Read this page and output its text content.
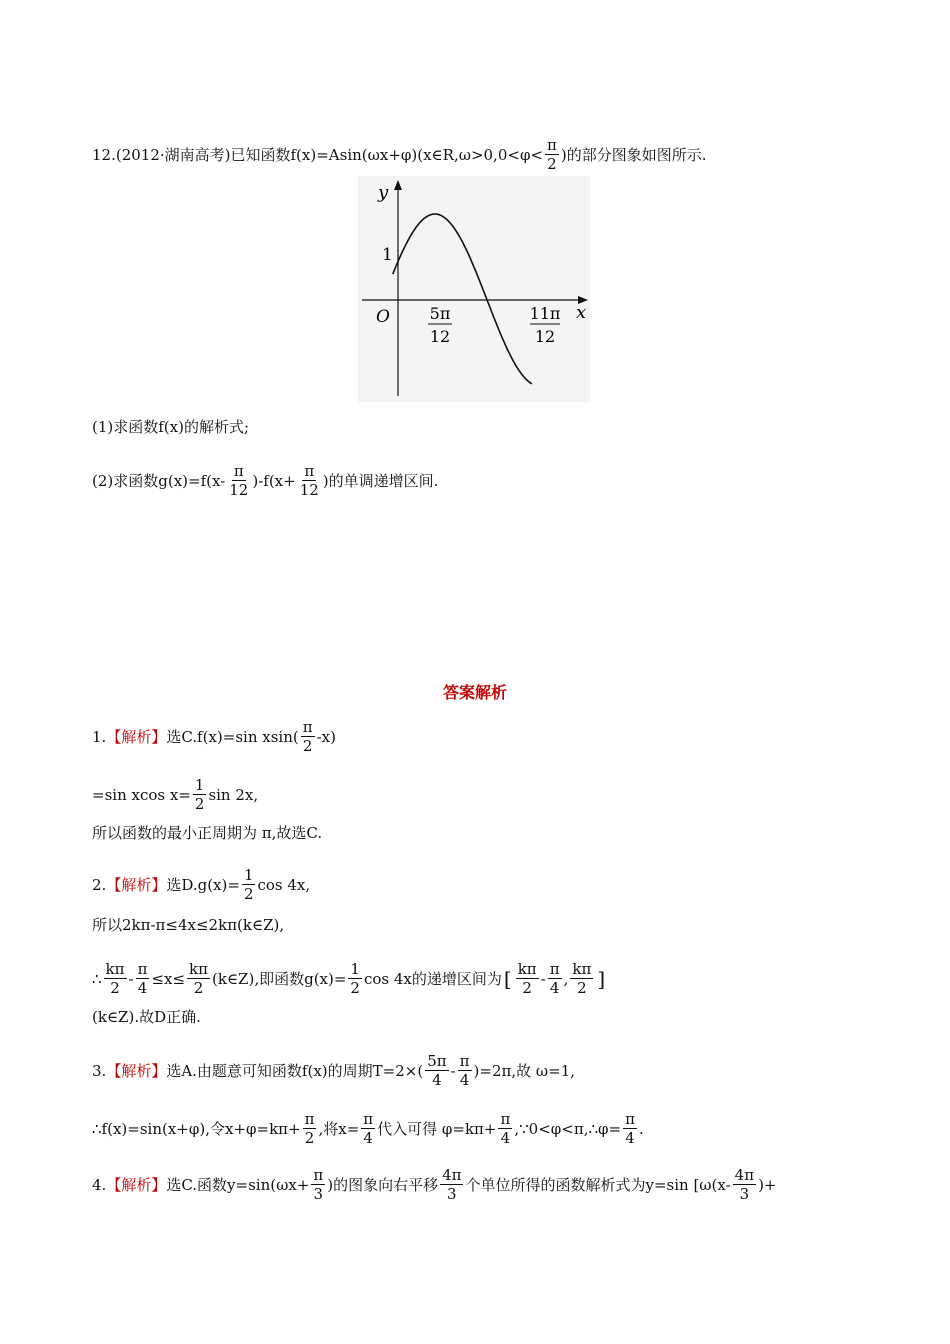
12.(2012·湖南高考)已知函数f(x)=Asin(ωx+φ)(x∈R,ω>0,0<φ< $\frac{\pi}{2}$ )的部分图象如图所示.
y
x
O
1
5π
12
11π
12
(1)求函数f(x)的解析式;
(2)求函数$g(x)=f(x- \frac{\pi}{12} )-f(x+ \frac{\pi}{12}$ )的单调递增区间.
答案解析
1. 【解析】 选C.f(x)=sin $xsin( \frac{\pi}{2} -x)$
=sin xcos $x= \frac{1}{2}$ sin 2x,
所以函数的最小正周期为 π,故选C.
2. 【解析】 选$D.g(x)= \frac{1}{2}$ cos 4x,
所以2kπ-π≤4x≤2kπ(k∈Z),
∴ $\frac{k\pi}{2} - \frac{\pi}{4} \le x\le \frac{k\pi}{2}$ (k∈Z),即函数$g(x)= \frac{1}{2}$ cos 4x的递增区间为 [ $\frac{k\pi}{2} - \frac{\pi}{4}$ , $\frac{k\pi}{2}$ ]
(k∈Z).故D正确.
3. 【解析】 选A.由题意可知函数f(x)的周期$T=2\times( \frac{5\pi}{4} - \frac{\pi}{4} )=2\pi$,故 ω=1,
∴f(x)=sin(x+φ),令$x+\varphi=k\pi+ \frac{\pi}{2}$ ,将$x= \frac{\pi}{4}$ 代入可得 $\varphi=k\pi+ \frac{\pi}{4}$ ,∵0<φ<π,∴φ= $\frac{\pi}{4}$ .
4. 【解析】 选C.函数$y=\sin(\omega x+ \frac{\pi}{3}$ )的图象向右平移 $\frac{4\pi}{3}$ 个单位所得的函数解析式为y=sin [$\omega(x- \frac{4\pi}{3}$ )+
